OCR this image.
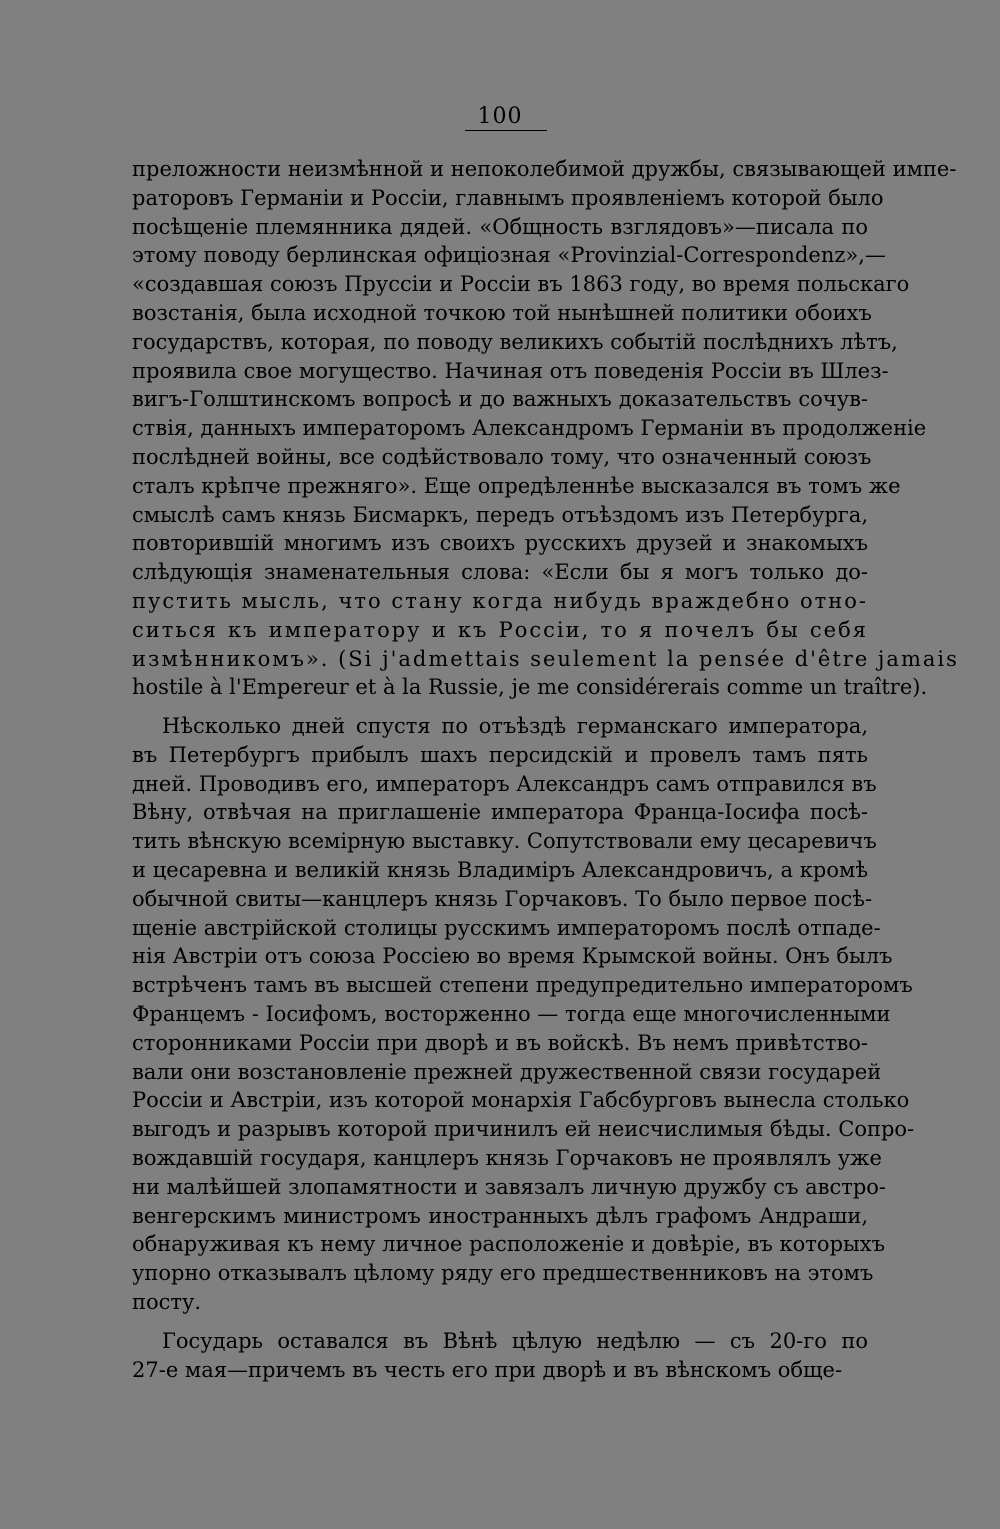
100
преложности неизмѣнной и непоколебимой дружбы, связывающей импе-
раторовъ Германіи и Россіи, главнымъ проявленіемъ которой было
посѣщеніе племянника дядей. «Общность взглядовъ»—писала по
этому поводу берлинская офиціозная «Provinzial-Correspondenz»,—
«создавшая союзъ Пруссіи и Россіи въ 1863 году, во время польскаго
возстанія, была исходной точкою той нынѣшней политики обоихъ
государствъ, которая, по поводу великихъ событій послѣднихъ лѣтъ,
проявила свое могущество. Начиная отъ поведенія Россіи въ Шлез-
вигъ-Голштинскомъ вопросѣ и до важныхъ доказательствъ сочув-
ствія, данныхъ императоромъ Александромъ Германіи въ продолженіе
послѣдней войны, все содѣйствовало тому, что означенный союзъ
сталъ крѣпче прежняго». Еще опредѣленнѣе высказался въ томъ же
смыслѣ самъ князь Бисмаркъ, передъ отъѣздомъ изъ Петербурга,
повторившій многимъ изъ своихъ русскихъ друзей и знакомыхъ
слѣдующія знаменательныя слова: «Если бы я могъ только до-
пустить мысль, что стану когда нибудь враждебно отно-
ситься къ императору и къ Россіи, то я почелъ бы себя
измѣнникомъ». (Si j'admettais seulement la pensée d'être jamais
hostile à l'Empereur et à la Russie, je me considérerais comme un traître).
Нѣсколько дней спустя по отъѣздѣ германскаго императора,
въ Петербургъ прибылъ шахъ персидскій и провелъ тамъ пять
дней. Проводивъ его, императоръ Александръ самъ отправился въ
Вѣну, отвѣчая на приглашеніе императора Франца-Іосифа посѣ-
тить вѣнскую всемірную выставку. Сопутствовали ему цесаревичъ
и цесаревна и великій князь Владиміръ Александровичъ, а кромѣ
обычной свиты—канцлеръ князь Горчаковъ. То было первое посѣ-
щеніе австрійской столицы русскимъ императоромъ послѣ отпаде-
нія Австріи отъ союза Россіею во время Крымской войны. Онъ былъ
встрѣченъ тамъ въ высшей степени предупредительно императоромъ
Францемъ - Іосифомъ, восторженно — тогда еще многочисленными
сторонниками Россіи при дворѣ и въ войскѣ. Въ немъ привѣтство-
вали они возстановленіе прежней дружественной связи государей
Россіи и Австріи, изъ которой монархія Габсбурговъ вынесла столько
выгодъ и разрывъ которой причинилъ ей неисчислимыя бѣды. Сопро-
вождавшій государя, канцлеръ князь Горчаковъ не проявлялъ уже
ни малѣйшей злопамятности и завязалъ личную дружбу съ австро-
венгерскимъ министромъ иностранныхъ дѣлъ графомъ Андраши,
обнаруживая къ нему личное расположеніе и довѣріе, въ которыхъ
упорно отказывалъ цѣлому ряду его предшественниковъ на этомъ
посту.
Государь оставался въ Вѣнѣ цѣлую недѣлю — съ 20-го по
27-е мая—причемъ въ честь его при дворѣ и въ вѣнскомъ обще-
